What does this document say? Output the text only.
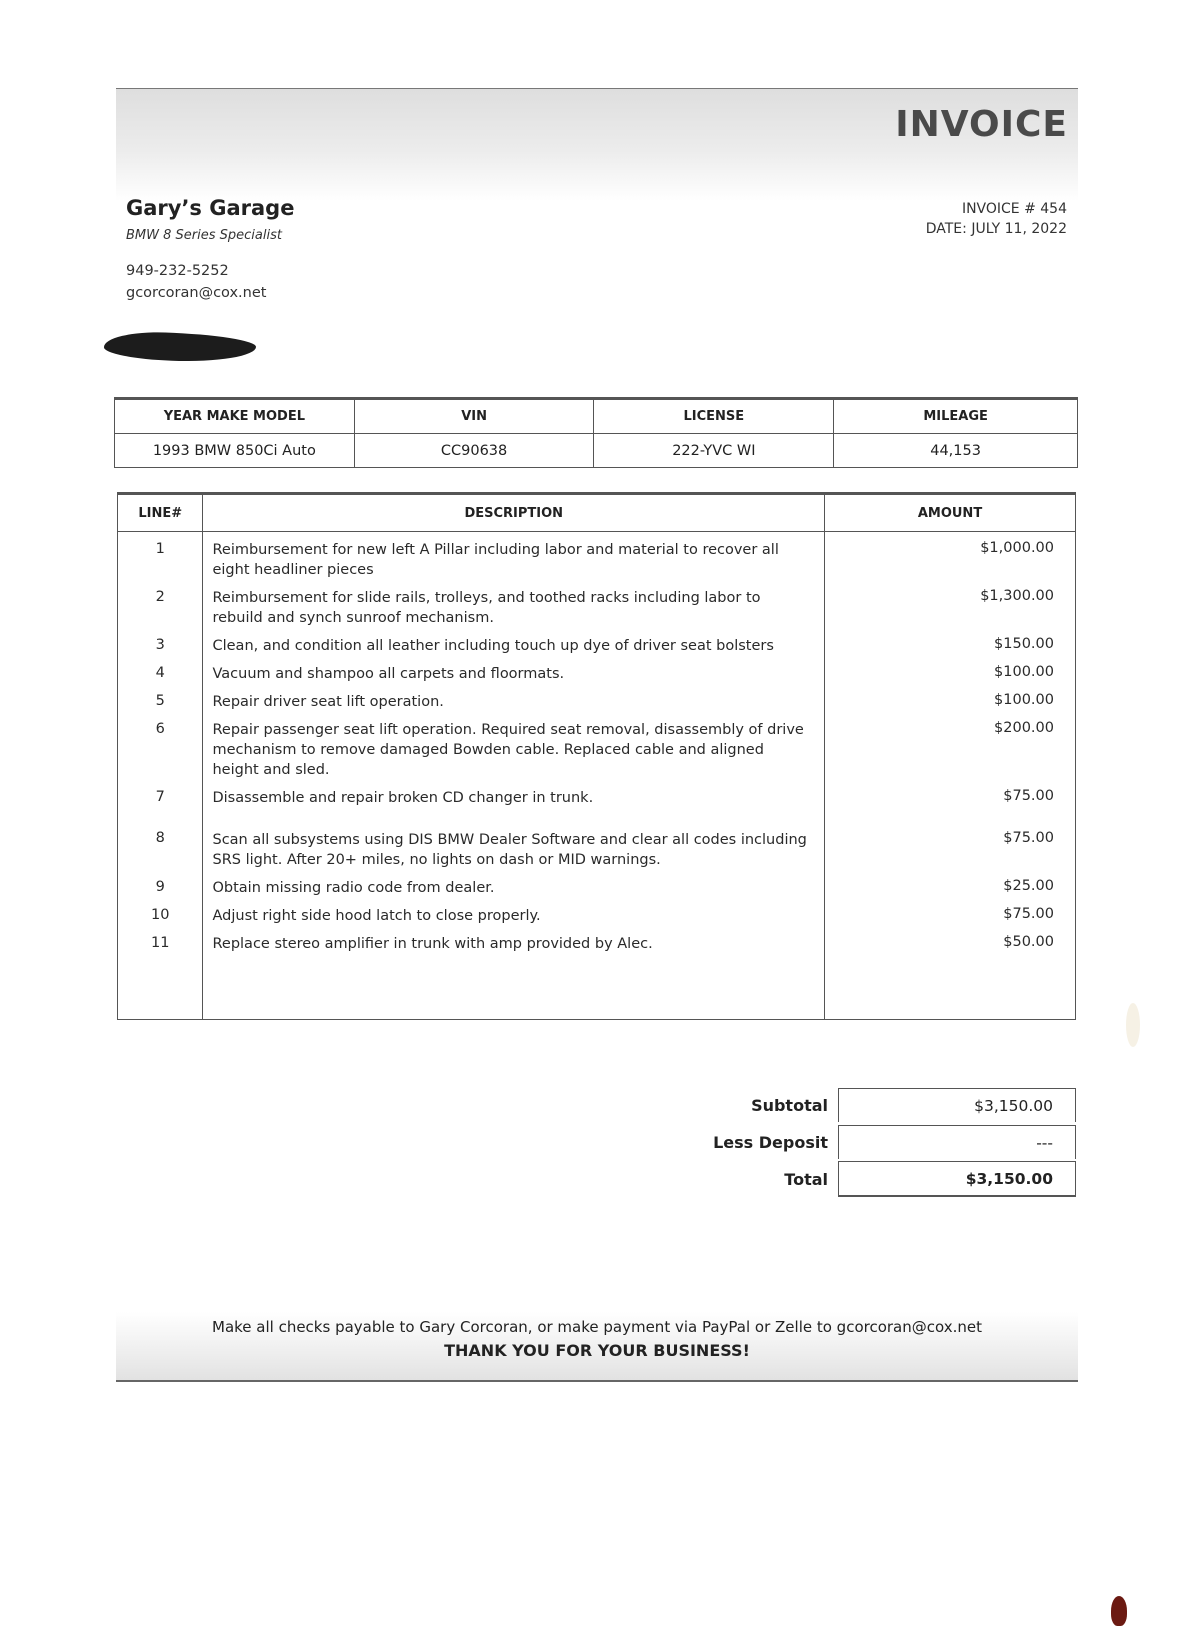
INVOICE
Gary’s Garage
BMW 8 Series Specialist
949-232-5252
gcorcoran@cox.net
INVOICE # 454
DATE: JULY 11, 2022
YEAR MAKE MODEL	VIN	LICENSE	MILEAGE
1993 BMW 850Ci Auto	CC90638	222-YVC WI	44,153
LINE#	DESCRIPTION	AMOUNT
1	Reimbursement for new left A Pillar including labor and material to recover all eight headliner pieces	$1,000.00
2	Reimbursement for slide rails, trolleys, and toothed racks including labor to rebuild and synch sunroof mechanism.	$1,300.00
3	Clean, and condition all leather including touch up dye of driver seat bolsters	$150.00
4	Vacuum and shampoo all carpets and floormats.	$100.00
5	Repair driver seat lift operation.	$100.00
6	Repair passenger seat lift operation. Required seat removal, disassembly of drive mechanism to remove damaged Bowden cable. Replaced cable and aligned height and sled.	$200.00
7	Disassemble and repair broken CD changer in trunk.	$75.00
8	Scan all subsystems using DIS BMW Dealer Software and clear all codes including SRS light. After 20+ miles, no lights on dash or MID warnings.	$75.00
9	Obtain missing radio code from dealer.	$25.00
10	Adjust right side hood latch to close properly.	$75.00
11	Replace stereo amplifier in trunk with amp provided by Alec.	$50.00

Subtotal	$3,150.00
Less Deposit	---
Total	$3,150.00
Make all checks payable to Gary Corcoran, or make payment via PayPal or Zelle to gcorcoran@cox.net
THANK YOU FOR YOUR BUSINESS!
